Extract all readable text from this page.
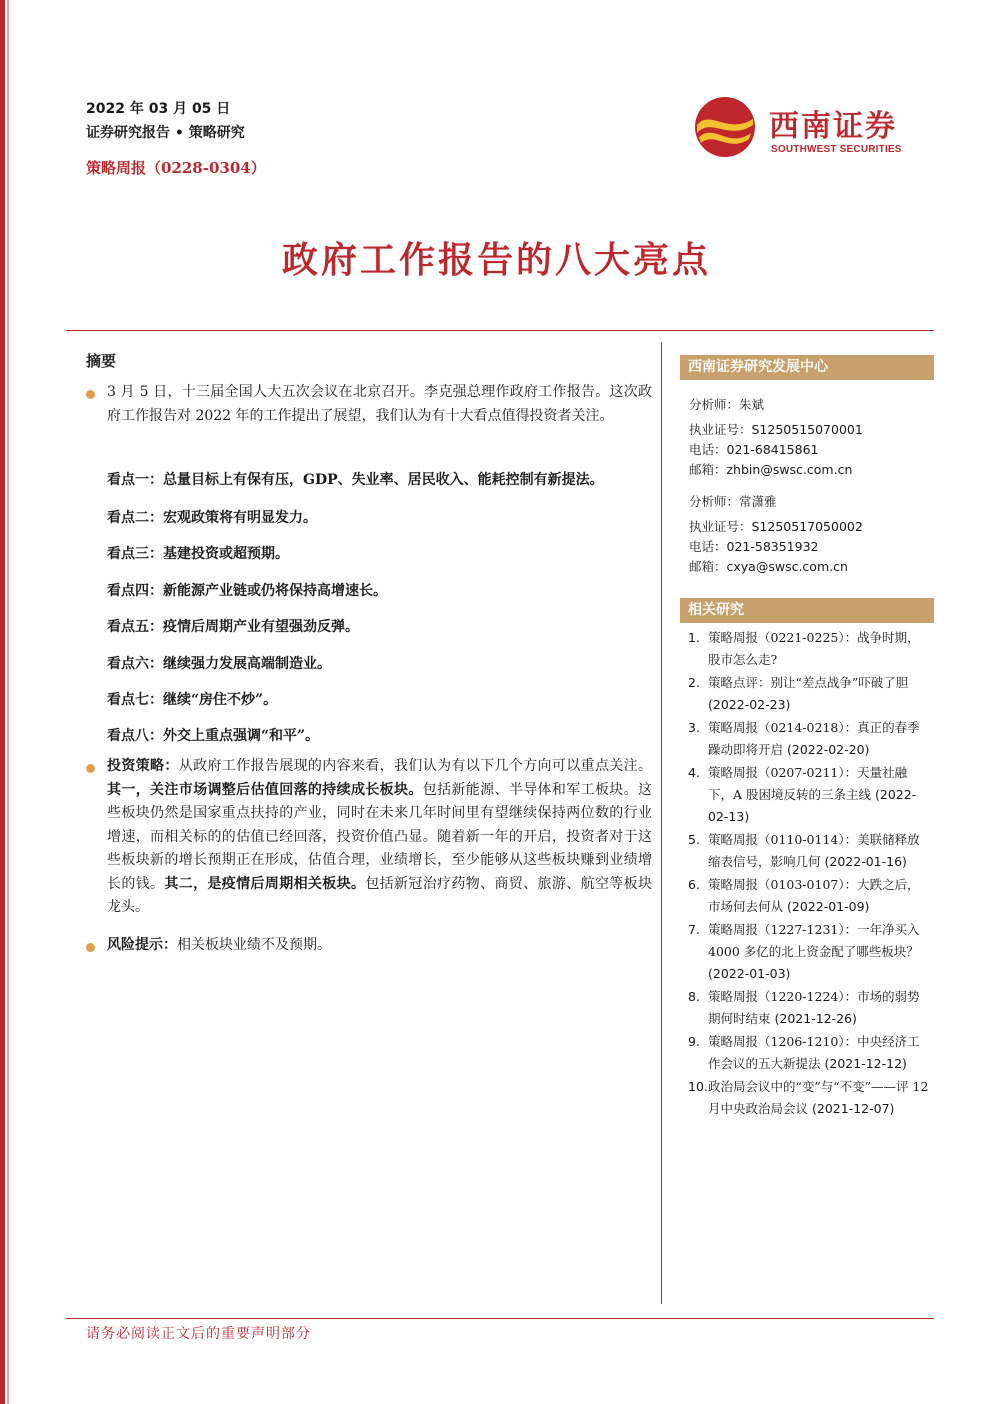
2022 年 03 月 05 日
证券研究报告 • 策略研究
策略周报（0228-0304）
西南证券
SOUTHWEST SECURITIES
政府工作报告的八大亮点
摘要
3 月 5 日，十三届全国人大五次会议在北京召开。李克强总理作政府工作报告。这次政府工作报告对 2022 年的工作提出了展望，我们认为有十大看点值得投资者关注。
看点一：总量目标上有保有压，GDP、失业率、居民收入、能耗控制有新提法。
看点二：宏观政策将有明显发力。
看点三：基建投资或超预期。
看点四：新能源产业链或仍将保持高增速长。
看点五：疫情后周期产业有望强劲反弹。
看点六：继续强力发展高端制造业。
看点七：继续“房住不炒”。
看点八：外交上重点强调“和平”。
投资策略：从政府工作报告展现的内容来看，我们认为有以下几个方向可以重点关注。其一，关注市场调整后估值回落的持续成长板块。包括新能源、半导体和军工板块。这些板块仍然是国家重点扶持的产业，同时在未来几年时间里有望继续保持两位数的行业增速，而相关标的的估值已经回落，投资价值凸显。随着新一年的开启，投资者对于这些板块新的增长预期正在形成，估值合理，业绩增长，至少能够从这些板块赚到业绩增长的钱。其二，是疫情后周期相关板块。包括新冠治疗药物、商贸、旅游、航空等板块龙头。
风险提示：相关板块业绩不及预期。
西南证券研究发展中心
分析师：朱斌
执业证号：S1250515070001
电话：021-68415861
邮箱：zhbin@swsc.com.cn
分析师：常潇雅
执业证号：S1250517050002
电话：021-58351932
邮箱：cxya@swsc.com.cn
相关研究
1. 策略周报（0221-0225）：战争时期，股市怎么走?
2. 策略点评：别让“差点战争”吓破了胆 (2022-02-23)
3. 策略周报（0214-0218）：真正的春季躁动即将开启 (2022-02-20)
4. 策略周报（0207-0211）：天量社融下，A 股困境反转的三条主线 (2022-02-13)
5. 策略周报（0110-0114）：美联储释放缩表信号，影响几何 (2022-01-16)
6. 策略周报（0103-0107）：大跌之后，市场何去何从 (2022-01-09)
7. 策略周报（1227-1231）：一年净买入 4000 多亿的北上资金配了哪些板块？ (2022-01-03)
8. 策略周报（1220-1224）：市场的弱势期何时结束 (2021-12-26)
9. 策略周报（1206-1210）：中央经济工作会议的五大新提法 (2021-12-12)
10. 政治局会议中的“变”与“不变”——评 12月中央政治局会议 (2021-12-07)
请务必阅读正文后的重要声明部分
